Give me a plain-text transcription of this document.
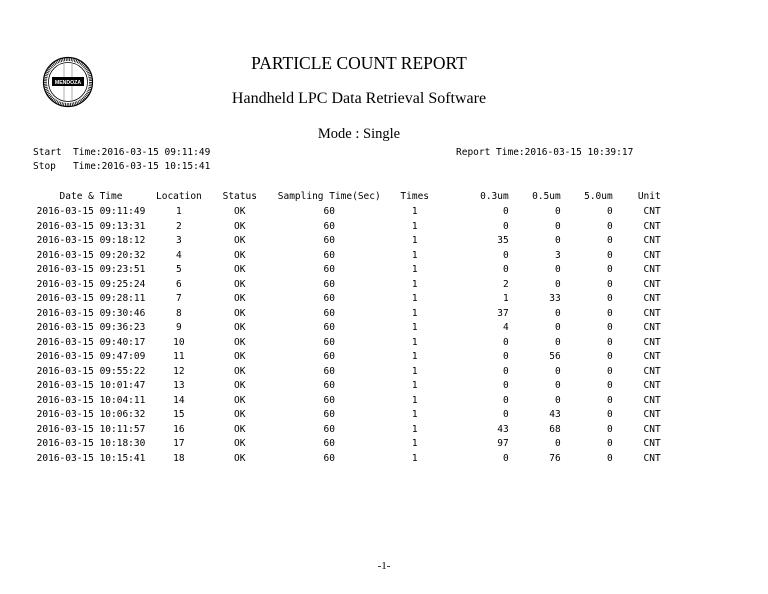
MENDOZA
PARTICLE COUNT REPORT
Handheld LPC Data Retrieval Software
Mode : Single
Start  Time:2016-03-15 09:11:49
Stop   Time:2016-03-15 10:15:41
Report Time:2016-03-15 10:39:17
Date & Time	Location	Status	Sampling Time(Sec)	Times	0.3um	0.5um	5.0um	Unit
2016-03-15 09:11:49	1	OK	60	1	0	0	0	CNT
2016-03-15 09:13:31	2	OK	60	1	0	0	0	CNT
2016-03-15 09:18:12	3	OK	60	1	35	0	0	CNT
2016-03-15 09:20:32	4	OK	60	1	0	3	0	CNT
2016-03-15 09:23:51	5	OK	60	1	0	0	0	CNT
2016-03-15 09:25:24	6	OK	60	1	2	0	0	CNT
2016-03-15 09:28:11	7	OK	60	1	1	33	0	CNT
2016-03-15 09:30:46	8	OK	60	1	37	0	0	CNT
2016-03-15 09:36:23	9	OK	60	1	4	0	0	CNT
2016-03-15 09:40:17	10	OK	60	1	0	0	0	CNT
2016-03-15 09:47:09	11	OK	60	1	0	56	0	CNT
2016-03-15 09:55:22	12	OK	60	1	0	0	0	CNT
2016-03-15 10:01:47	13	OK	60	1	0	0	0	CNT
2016-03-15 10:04:11	14	OK	60	1	0	0	0	CNT
2016-03-15 10:06:32	15	OK	60	1	0	43	0	CNT
2016-03-15 10:11:57	16	OK	60	1	43	68	0	CNT
2016-03-15 10:18:30	17	OK	60	1	97	0	0	CNT
2016-03-15 10:15:41	18	OK	60	1	0	76	0	CNT
-1-
